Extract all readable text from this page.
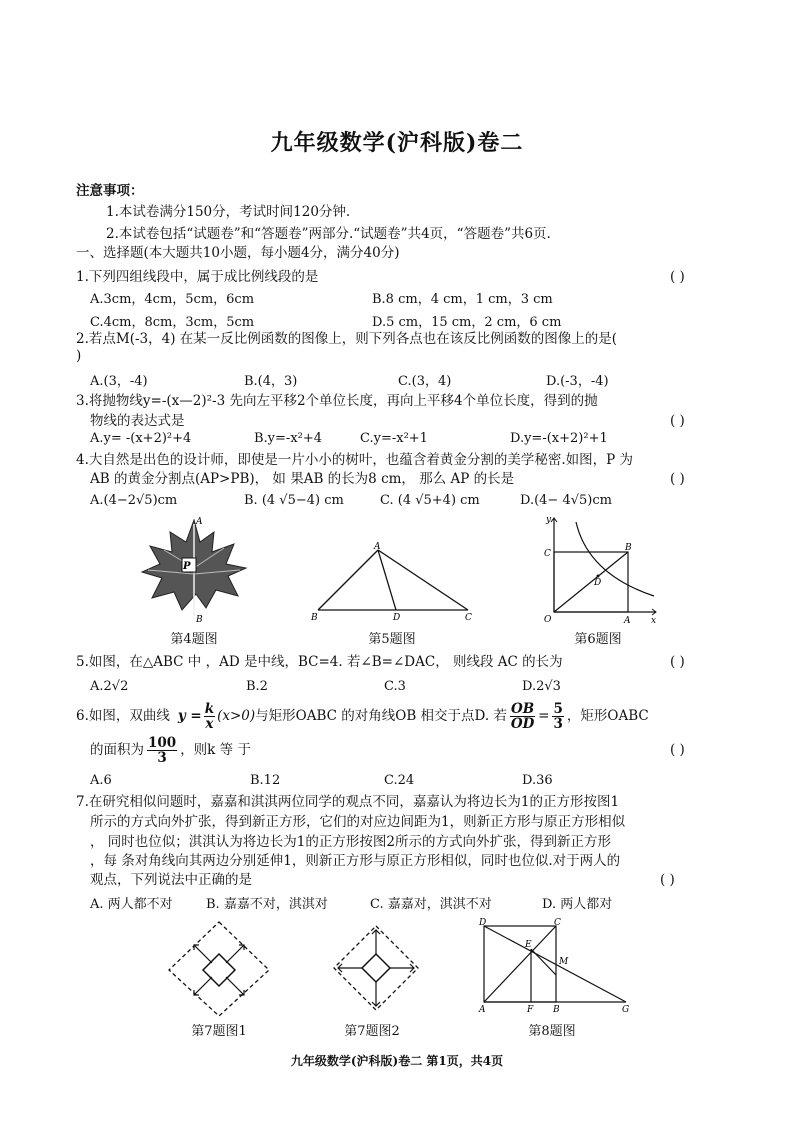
九年级数学(沪科版)卷二
注意事项：
1.本试卷满分150分，考试时间120分钟.
2.本试卷包括“试题卷”和“答题卷”两部分.“试题卷”共4页，“答题卷”共6页.
一、选择题(本大题共10小题，每小题4分，满分40分)
1.下列四组线段中，属于成比例线段的是	( )
A.3cm，4cm，5cm，6cm	B.8 cm，4 cm，1 cm，3 cm
C.4cm，8cm，3cm，5cm	D.5 cm，15 cm，2 cm，6 cm
2.若点M(-3，4) 在某一反比例函数的图像上，则下列各点也在该反比例函数的图像上的是(
)
A.(3，-4)	B.(4，3)	C.(3，4)	D.(-3，-4)
3.将抛物线y=-(x—2)²-3 先向左平移2个单位长度，再向上平移4个单位长度，得到的抛
物线的表达式是	( )
A.y= -(x+2)²+4	B.y=-x²+4	C.y=-x²+1	D.y=-(x+2)²+1
4.大自然是出色的设计师，即使是一片小小的树叶，也蕴含着黄金分割的美学秘密.如图，P 为
AB 的黄金分割点(AP>PB)， 如 果AB 的长为8 cm， 那么 AP 的长是	( )
A.(4−2√5)cm	B. (4 √5−4) cm	C. (4 √5+4) cm	D.(4− 4√5)cm
P
A
B
第4题图
A
B	D	C
第5题图
y
x
C
B
D
O	A
第6题图
5.如图，在△ABC 中 ，AD 是中线，BC=4. 若∠B=∠DAC， 则线段 AC 的长为	( )
A.2√2	B.2	C.3	D.2√3
6.如图，双曲线 $y = \frac{k}{x} (x>0)$ 与矩形OABC 的对角线OB 相交于点D. 若 $\frac{OB}{OD} = \frac{5}{3}$ ，矩形OABC
的面积为 $\frac{100}{3}$ ，则k 等 于	( )
A.6	B.12	C.24	D.36
7.在研究相似问题时，嘉嘉和淇淇两位同学的观点不同，嘉嘉认为将边长为1的正方形按图1
所示的方式向外扩张，得到新正方形，它们的对应边间距为1，则新正方形与原正方形相似
， 同时也位似；淇淇认为将边长为1的正方形按图2所示的方式向外扩张，得到新正方形
，每 条对角线向其两边分别延伸1，则新正方形与原正方形相似，同时也位似.对于两人的
观点，下列说法中正确的是	( )
A. 两人都不对	B. 嘉嘉不对，淇淇对	C. 嘉嘉对，淇淇不对	D. 两人都对
第7题图1	第7题图2
D	C
E
M
A	F B	G
第8题图
九年级数学(沪科版)卷二 第1页，共4页
